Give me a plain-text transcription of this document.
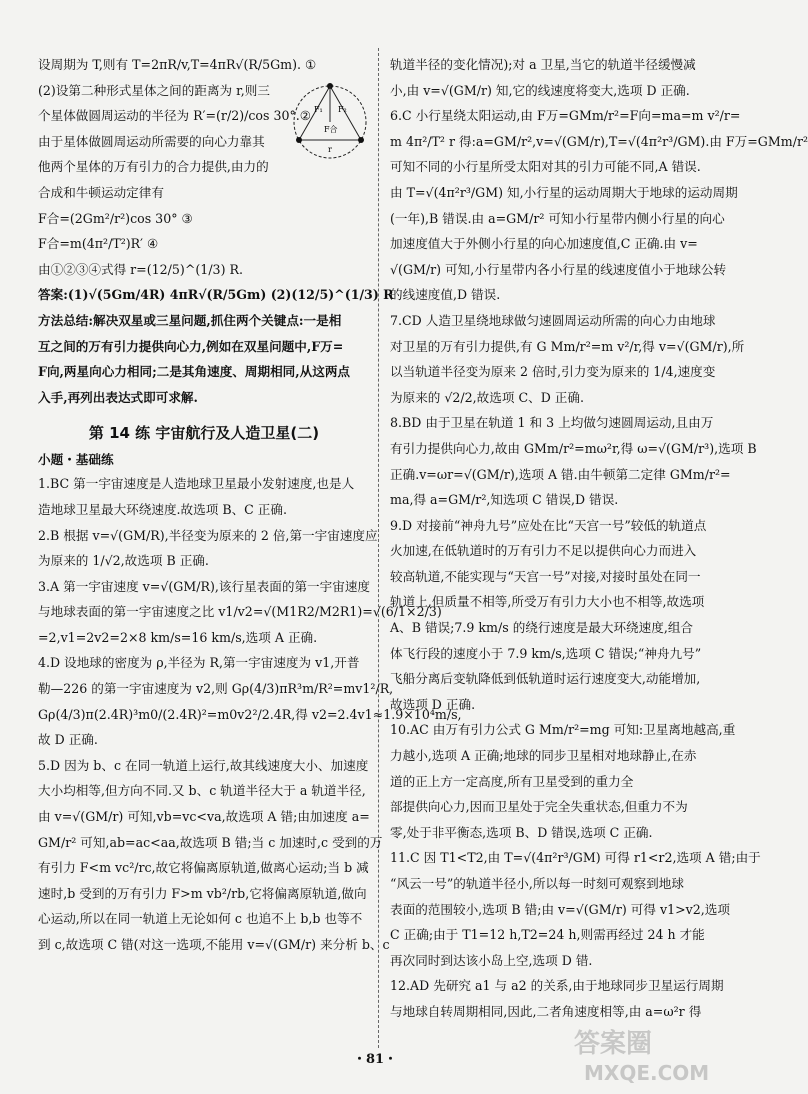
设周期为 T,则有 T=2πR/v,T=4πR√(R/5Gm). ①
(2)设第二种形式星体之间的距离为 r,则三
个星体做圆周运动的半径为 R′=(r/2)/cos 30°.②
由于星体做圆周运动所需要的向心力靠其
他两个星体的万有引力的合力提供,由力的
合成和牛顿运动定律有
F合=(2Gm²/r²)cos 30° ③
F合=m(4π²/T²)R′ ④
由①②③④式得 r=(12/5)^(1/3) R.
答案:(1)√(5Gm/4R) 4πR√(R/5Gm) (2)(12/5)^(1/3) R
方法总结:解决双星或三星问题,抓住两个关键点:一是相
互之间的万有引力提供向心力,例如在双星问题中,F万=
F向,两星向心力相同;二是其角速度、周期相同,从这两点
入手,再列出表达式即可求解.
第 14 练 宇宙航行及人造卫星(二)
小题・基础练
1.BC 第一宇宙速度是人造地球卫星最小发射速度,也是人
造地球卫星最大环绕速度.故选项 B、C 正确.
2.B 根据 v=√(GM/R),半径变为原来的 2 倍,第一宇宙速度应
为原来的 1/√2,故选项 B 正确.
3.A 第一宇宙速度 v=√(GM/R),该行星表面的第一宇宙速度
与地球表面的第一宇宙速度之比 v1/v2=√(M1R2/M2R1)=√(6/1×2/3)
=2,v1=2v2=2×8 km/s=16 km/s,选项 A 正确.
4.D 设地球的密度为 ρ,半径为 R,第一宇宙速度为 v1,开普
勒—226 的第一宇宙速度为 v2,则 Gρ(4/3)πR³m/R²=mv1²/R,
Gρ(4/3)π(2.4R)³m0/(2.4R)²=m0v2²/2.4R,得 v2=2.4v1≈1.9×10⁴m/s,
故 D 正确.
5.D 因为 b、c 在同一轨道上运行,故其线速度大小、加速度
大小均相等,但方向不同.又 b、c 轨道半径大于 a 轨道半径,
由 v=√(GM/r) 可知,vb=vc<va,故选项 A 错;由加速度 a=
GM/r² 可知,ab=ac<aa,故选项 B 错;当 c 加速时,c 受到的万
有引力 F<m vc²/rc,故它将偏离原轨道,做离心运动;当 b 减
速时,b 受到的万有引力 F>m vb²/rb,它将偏离原轨道,做向
心运动,所以在同一轨道上无论如何 c 也追不上 b,b 也等不
到 c,故选项 C 错(对这一选项,不能用 v=√(GM/r) 来分析 b、c
F₁ F₂
F合
r
轨道半径的变化情况);对 a 卫星,当它的轨道半径缓慢减
小,由 v=√(GM/r) 知,它的线速度将变大,选项 D 正确.
6.C 小行星绕太阳运动,由 F万=GMm/r²=F向=ma=m v²/r=
m 4π²/T² r 得:a=GM/r²,v=√(GM/r),T=√(4π²r³/GM).由 F万=GMm/r²
可知不同的小行星所受太阳对其的引力可能不同,A 错误.
由 T=√(4π²r³/GM) 知,小行星的运动周期大于地球的运动周期
(一年),B 错误.由 a=GM/r² 可知小行星带内侧小行星的向心
加速度值大于外侧小行星的向心加速度值,C 正确.由 v=
√(GM/r) 可知,小行星带内各小行星的线速度值小于地球公转
的线速度值,D 错误.
7.CD 人造卫星绕地球做匀速圆周运动所需的向心力由地球
对卫星的万有引力提供,有 G Mm/r²=m v²/r,得 v=√(GM/r),所
以当轨道半径变为原来 2 倍时,引力变为原来的 1/4,速度变
为原来的 √2/2,故选项 C、D 正确.
8.BD 由于卫星在轨道 1 和 3 上均做匀速圆周运动,且由万
有引力提供向心力,故由 GMm/r²=mω²r,得 ω=√(GM/r³),选项 B
正确.v=ωr=√(GM/r),选项 A 错.由牛顿第二定律 GMm/r²=
ma,得 a=GM/r²,知选项 C 错误,D 错误.
9.D 对接前“神舟九号”应处在比“天宫一号”较低的轨道点
火加速,在低轨道时的万有引力不足以提供向心力而进入
较高轨道,不能实现与“天宫一号”对接,对接时虽处在同一
轨道上,但质量不相等,所受万有引力大小也不相等,故选项
A、B 错误;7.9 km/s 的绕行速度是最大环绕速度,组合
体飞行段的速度小于 7.9 km/s,选项 C 错误;“神舟九号”
飞船分离后变轨降低到低轨道时运行速度变大,动能增加,
故选项 D 正确.
10.AC 由万有引力公式 G Mm/r²=mg 可知:卫星离地越高,重
力越小,选项 A 正确;地球的同步卫星相对地球静止,在赤
道的正上方一定高度,所有卫星受到的重力全
部提供向心力,因而卫星处于完全失重状态,但重力不为
零,处于非平衡态,选项 B、D 错误,选项 C 正确.
11.C 因 T1<T2,由 T=√(4π²r³/GM) 可得 r1<r2,选项 A 错;由于
“风云一号”的轨道半径小,所以每一时刻可观察到地球
表面的范围较小,选项 B 错;由 v=√(GM/r) 可得 v1>v2,选项
C 正确;由于 T1=12 h,T2=24 h,则需再经过 24 h 才能
再次同时到达该小岛上空,选项 D 错.
12.AD 先研究 a1 与 a2 的关系,由于地球同步卫星运行周期
与地球自转周期相同,因此,二者角速度相等,由 a=ω²r 得
・81・
答案圈
MXQE.COM
